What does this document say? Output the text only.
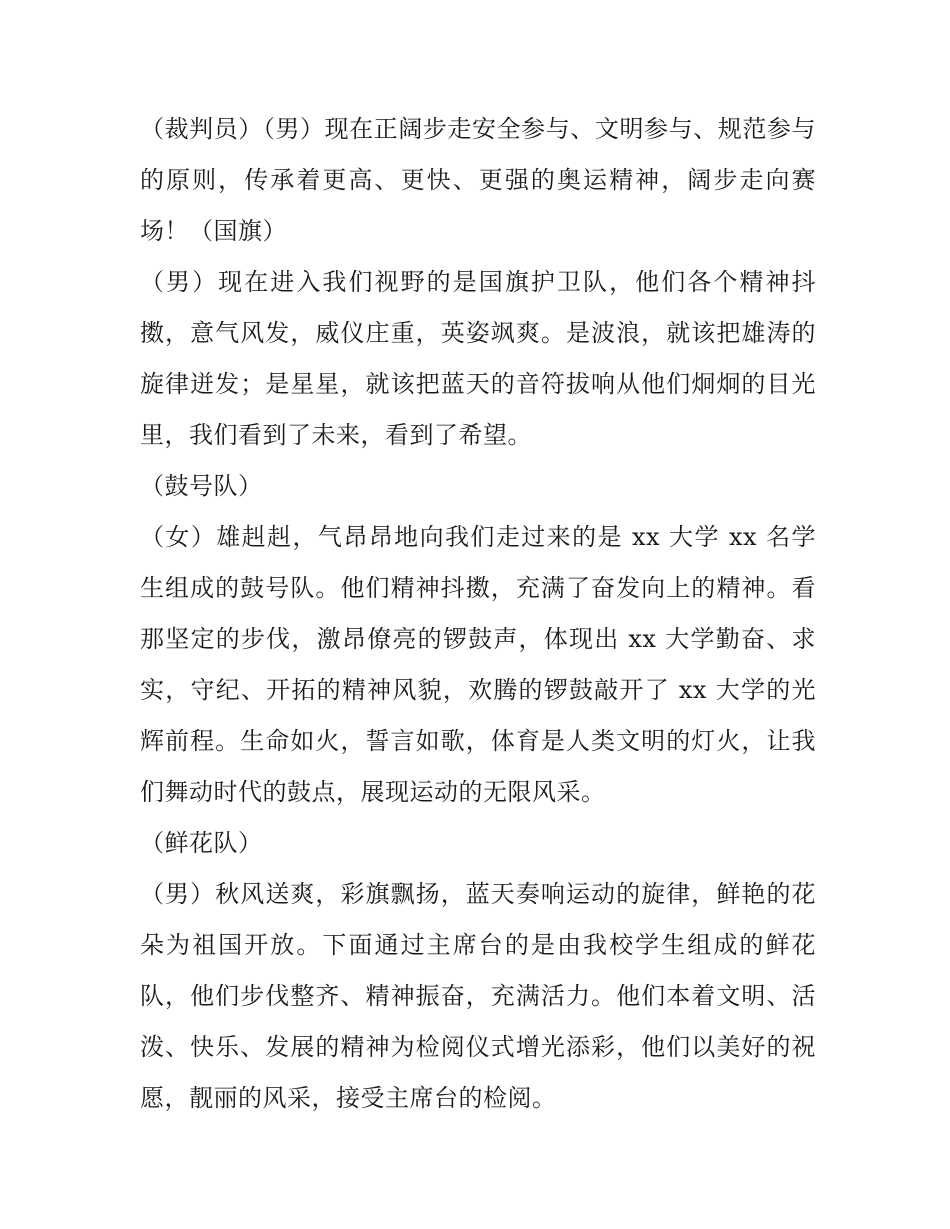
（裁判员）（男）现在正阔步走安全参与、文明参与、规范参与的原则，传承着更高、更快、更强的奥运精神，阔步走向赛场！（国旗）

（男）现在进入我们视野的是国旗护卫队，他们各个精神抖擞，意气风发，威仪庄重，英姿飒爽。是波浪，就该把雄涛的旋律迸发；是星星，就该把蓝天的音符拔响从他们炯炯的目光里，我们看到了未来，看到了希望。

（鼓号队）

（女）雄赳赳，气昂昂地向我们走过来的是 xx 大学 xx 名学生组成的鼓号队。他们精神抖擞，充满了奋发向上的精神。看那坚定的步伐，激昂僚亮的锣鼓声，体现出 xx 大学勤奋、求实，守纪、开拓的精神风貌，欢腾的锣鼓敲开了 xx 大学的光辉前程。生命如火，誓言如歌，体育是人类文明的灯火，让我们舞动时代的鼓点，展现运动的无限风采。

（鲜花队）

（男）秋风送爽，彩旗飘扬，蓝天奏响运动的旋律，鲜艳的花朵为祖国开放。下面通过主席台的是由我校学生组成的鲜花队，他们步伐整齐、精神振奋，充满活力。他们本着文明、活泼、快乐、发展的精神为检阅仪式增光添彩，他们以美好的祝愿，靓丽的风采，接受主席台的检阅。
